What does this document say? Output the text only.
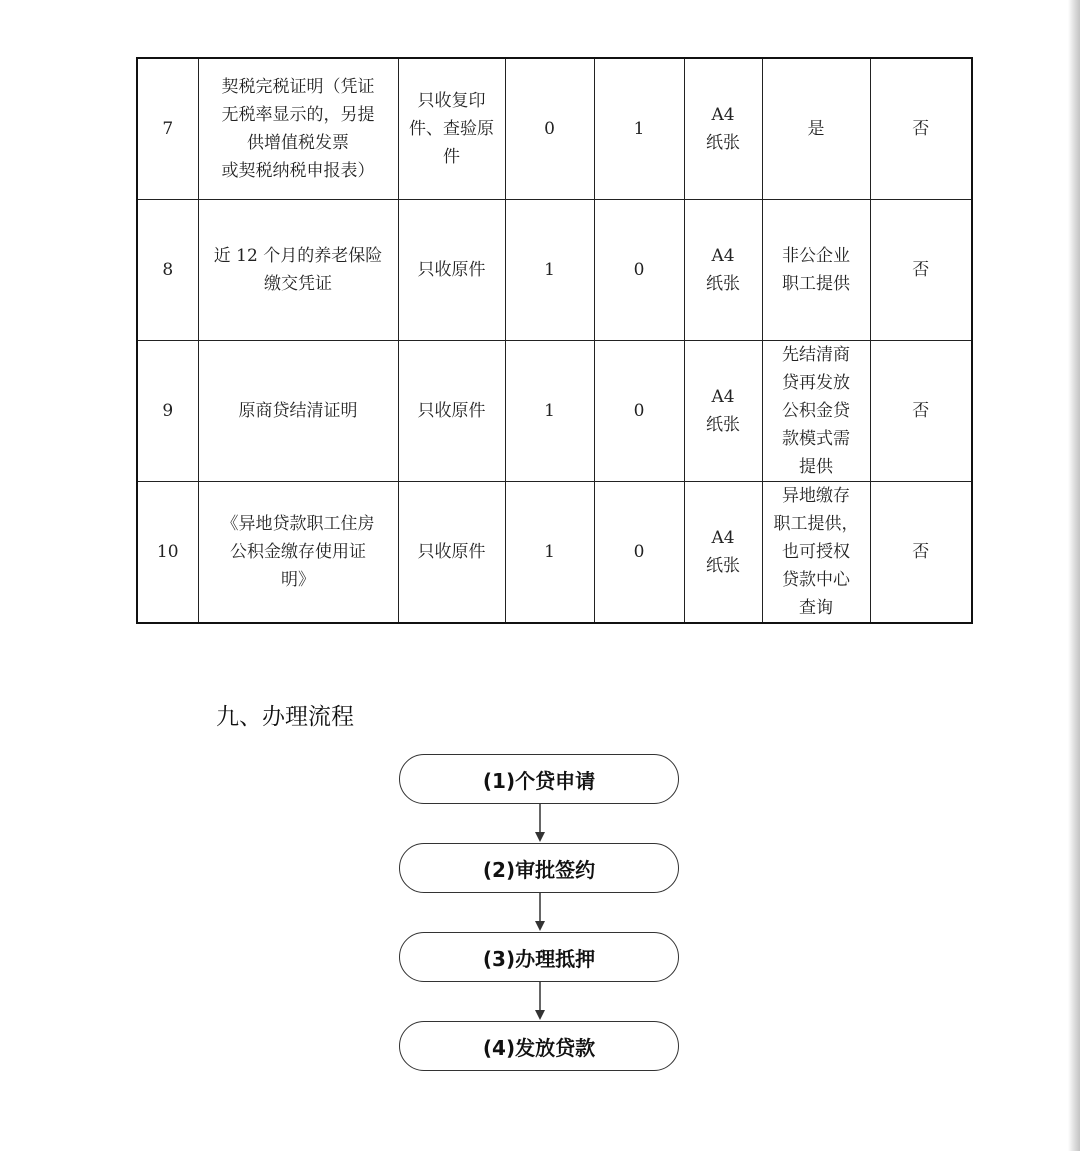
7	契税完税证明（凭证
无税率显示的，另提
供增值税发票
或契税纳税申报表）	只收复印
件、查验原
件	0	1	A4
纸张	是	否
8	近 12 个月的养老保险
缴交凭证	只收原件	1	0	A4
纸张	非公企业
职工提供	否
9	原商贷结清证明	只收原件	1	0	A4
纸张	先结清商
贷再发放
公积金贷
款模式需
提供	否
10	《异地贷款职工住房
公积金缴存使用证
明》	只收原件	1	0	A4
纸张	异地缴存
职工提供，
也可授权
贷款中心
查询	否
九、办理流程
(1)个贷申请
(2)审批签约
(3)办理抵押
(4)发放贷款
